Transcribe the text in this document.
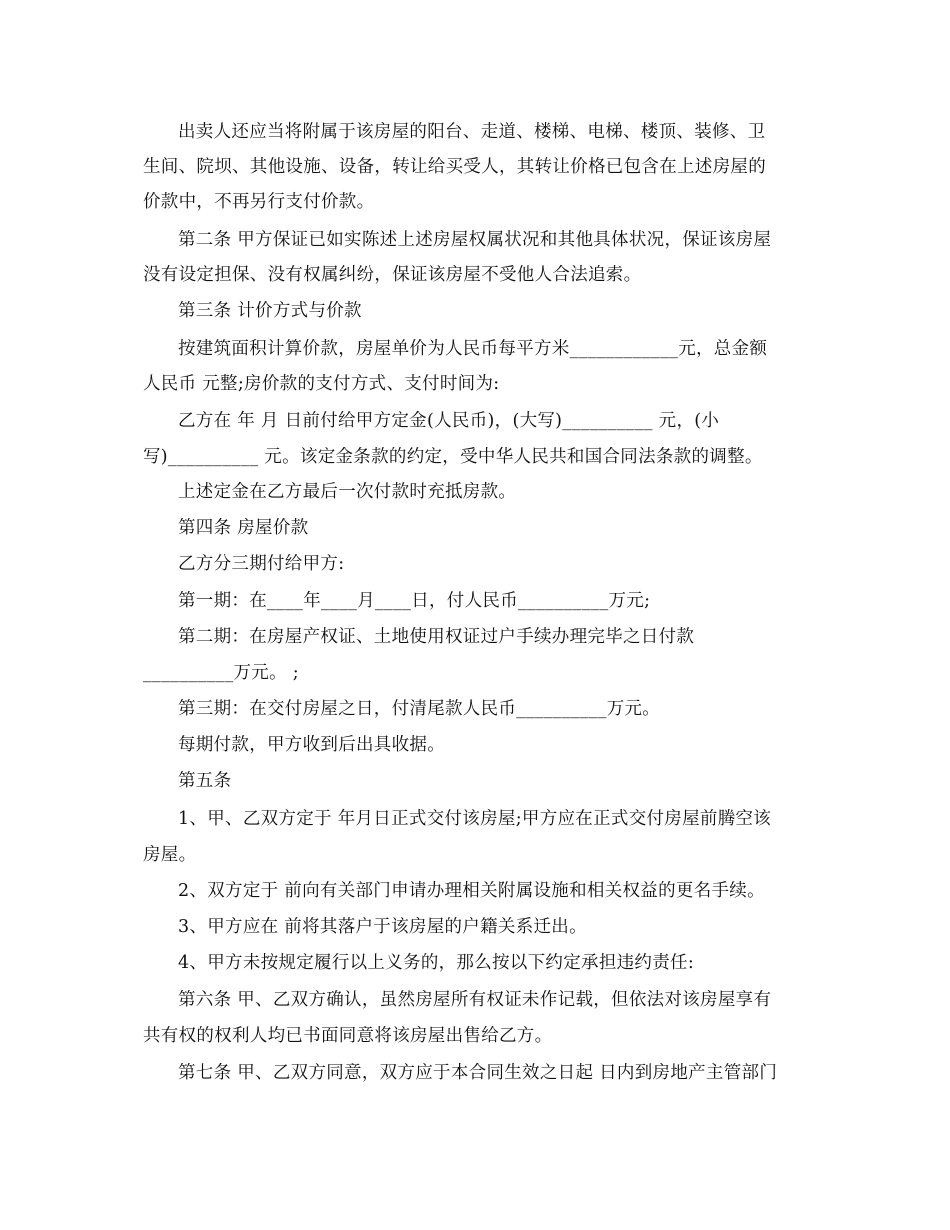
出卖人还应当将附属于该房屋的阳台、走道、楼梯、电梯、楼顶、装修、卫
生间、院坝、其他设施、设备，转让给买受人，其转让价格已包含在上述房屋的
价款中，不再另行支付价款。
第二条 甲方保证已如实陈述上述房屋权属状况和其他具体状况，保证该房屋
没有设定担保、没有权属纠纷，保证该房屋不受他人合法追索。
第三条 计价方式与价款
按建筑面积计算价款，房屋单价为人民币每平方米____________元，总金额
人民币 元整;房价款的支付方式、支付时间为:
乙方在 年 月 日前付给甲方定金(人民币)，(大写)__________ 元，(小
写)__________ 元。该定金条款的约定，受中华人民共和国合同法条款的调整。
上述定金在乙方最后一次付款时充抵房款。
第四条 房屋价款
乙方分三期付给甲方:
第一期：在____年____月____日，付人民币__________万元;
第二期：在房屋产权证、土地使用权证过户手续办理完毕之日付款
__________万元。 ;
第三期：在交付房屋之日，付清尾款人民币__________万元。
每期付款，甲方收到后出具收据。
第五条
1、甲、乙双方定于 年月日正式交付该房屋;甲方应在正式交付房屋前腾空该
房屋。
2、双方定于 前向有关部门申请办理相关附属设施和相关权益的更名手续。
3、甲方应在 前将其落户于该房屋的户籍关系迁出。
4、甲方未按规定履行以上义务的，那么按以下约定承担违约责任:
第六条 甲、乙双方确认，虽然房屋所有权证未作记载，但依法对该房屋享有
共有权的权利人均已书面同意将该房屋出售给乙方。
第七条 甲、乙双方同意，双方应于本合同生效之日起 日内到房地产主管部门
